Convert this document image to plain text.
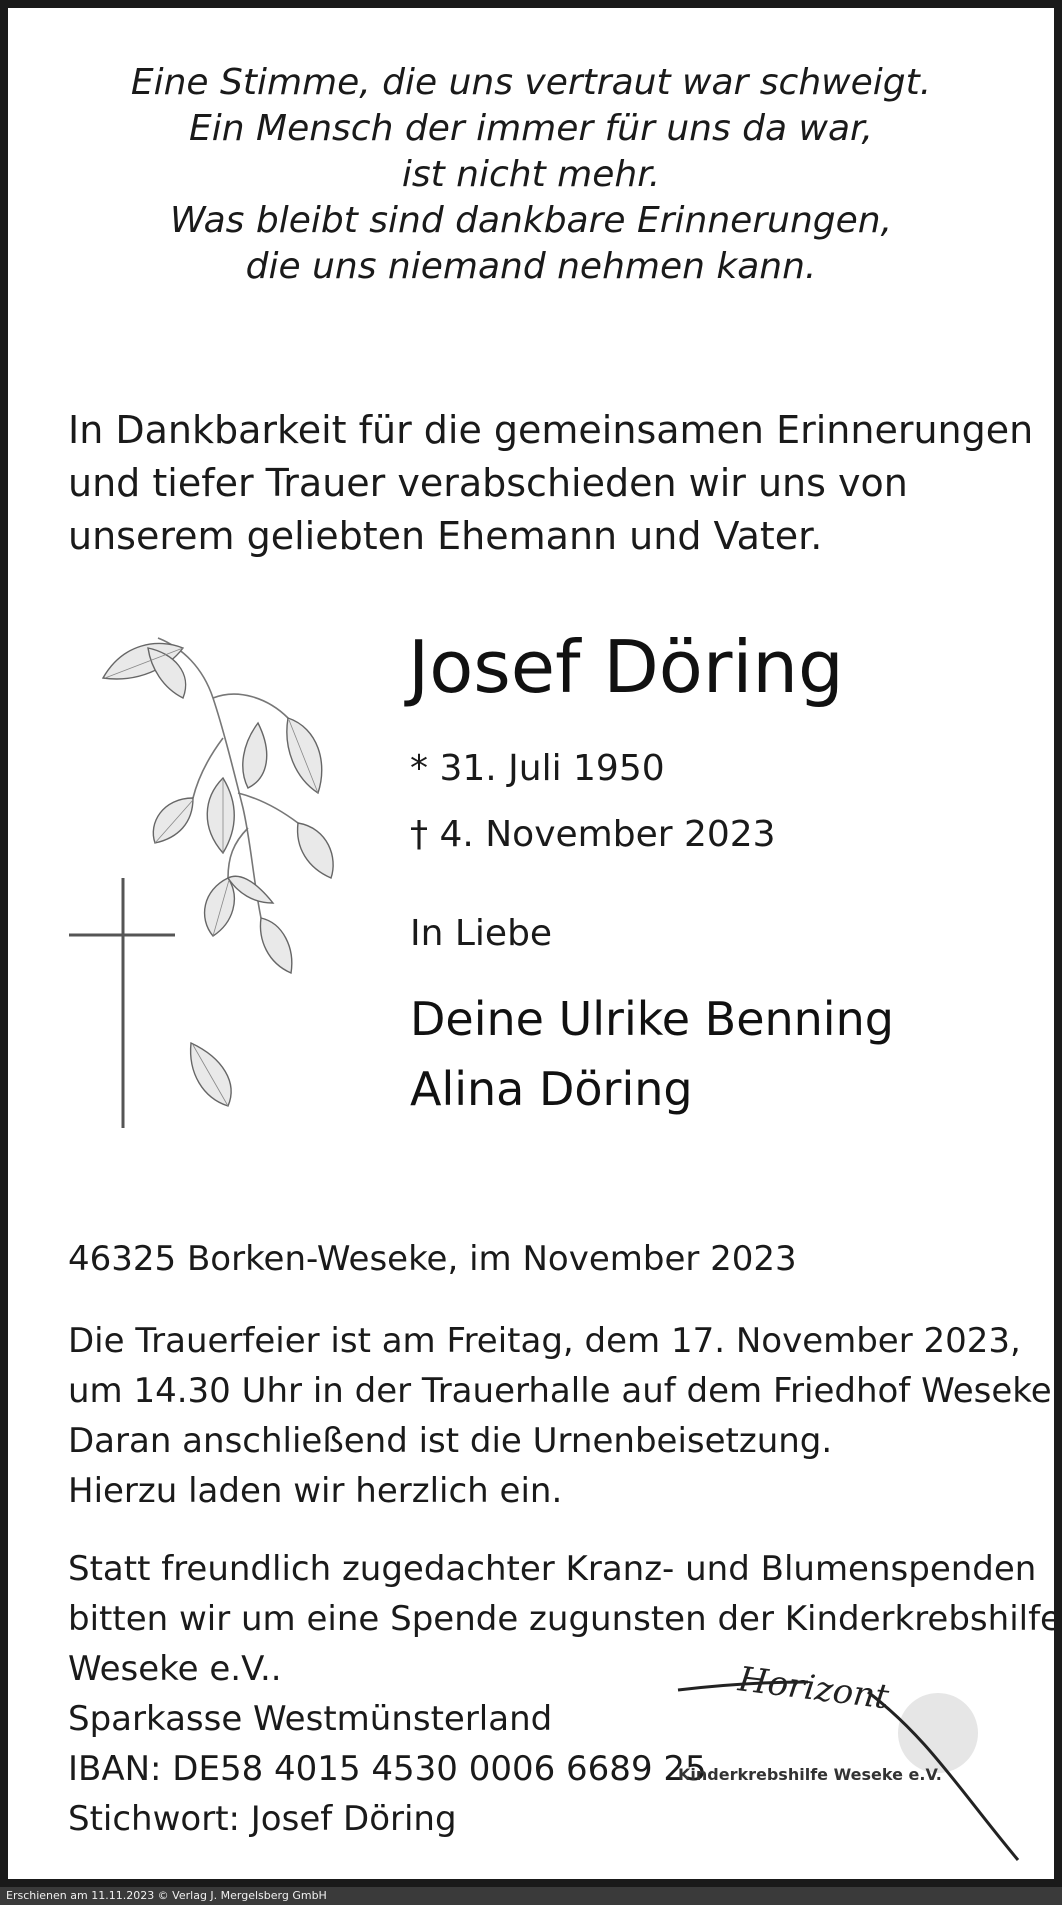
Eine Stimme, die uns vertraut war schweigt.
Ein Mensch der immer für uns da war,
ist nicht mehr.
Was bleibt sind dankbare Erinnerungen,
die uns niemand nehmen kann.
In Dankbarkeit für die gemeinsamen Erinnerungen
und tiefer Trauer verabschieden wir uns von
unserem geliebten Ehemann und Vater.
Josef Döring
* 31. Juli 1950
† 4. November 2023
In Liebe
Deine Ulrike Benning
Alina Döring
46325 Borken-Weseke, im November 2023
Die Trauerfeier ist am Freitag, dem 17. November 2023,
um 14.30 Uhr in der Trauerhalle auf dem Friedhof Weseke.
Daran anschließend ist die Urnenbeisetzung.
Hierzu laden wir herzlich ein.
Statt freundlich zugedachter Kranz- und Blumenspenden
bitten wir um eine Spende zugunsten der Kinderkrebshilfe
Weseke e.V..
Sparkasse Westmünsterland
IBAN: DE58 4015 4530 0006 6689 25
Stichwort: Josef Döring
Horizont
Kinderkrebshilfe Weseke e.V.
Erschienen am 11.11.2023 © Verlag J. Mergelsberg GmbH
